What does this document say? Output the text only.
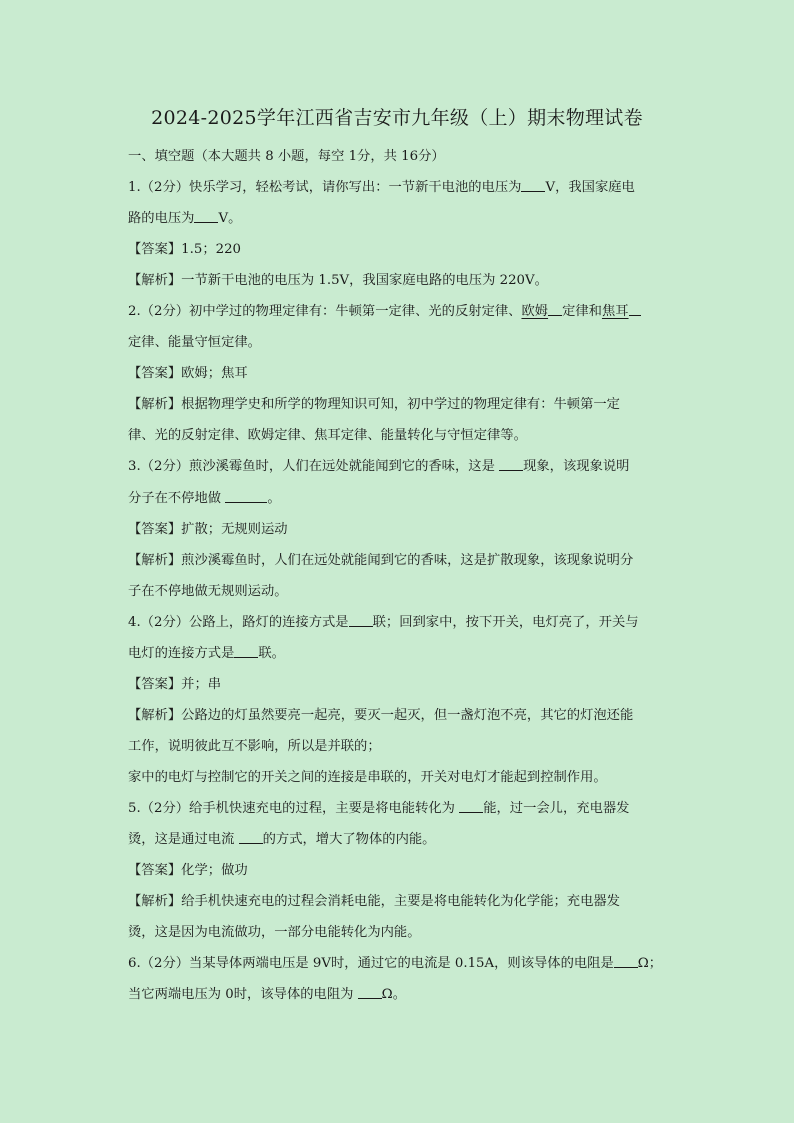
2024-2025学年江西省吉安市九年级（上）期末物理试卷
一、填空题（本大题共 8 小题，每空 1分，共 16分）
1.（2分）快乐学习，轻松考试，请你写出：一节新干电池的电压为 V，我国家庭电
路的电压为 V。
【答案】1.5；220
【解析】一节新干电池的电压为 1.5V，我国家庭电路的电压为 220V。
2.（2分）初中学过的物理定律有：牛顿第一定律、光的反射定律、欧姆 定律和焦耳
定律、能量守恒定律。
【答案】欧姆；焦耳
【解析】根据物理学史和所学的物理知识可知，初中学过的物理定律有：牛顿第一定
律、光的反射定律、欧姆定律、焦耳定律、能量转化与守恒定律等。
3.（2分）煎沙溪霉鱼时，人们在远处就能闻到它的香味，这是 现象，该现象说明
分子在不停地做	。
【答案】扩散；无规则运动
【解析】煎沙溪霉鱼时，人们在远处就能闻到它的香味，这是扩散现象，该现象说明分
子在不停地做无规则运动。
4.（2分）公路上，路灯的连接方式是 联；回到家中，按下开关，电灯亮了，开关与
电灯的连接方式是 联。
【答案】并；串
【解析】公路边的灯虽然要亮一起亮，要灭一起灭，但一盏灯泡不亮，其它的灯泡还能
工作，说明彼此互不影响，所以是并联的；
家中的电灯与控制它的开关之间的连接是串联的，开关对电灯才能起到控制作用。
5.（2分）给手机快速充电的过程，主要是将电能转化为 能，过一会儿，充电器发
烫，这是通过电流 的方式，增大了物体的内能。
【答案】化学；做功
【解析】给手机快速充电的过程会消耗电能，主要是将电能转化为化学能；充电器发
烫，这是因为电流做功，一部分电能转化为内能。
6.（2分）当某导体两端电压是 9V时，通过它的电流是 0.15A，则该导体的电阻是 Ω；
当它两端电压为 0时，该导体的电阻为 Ω。
